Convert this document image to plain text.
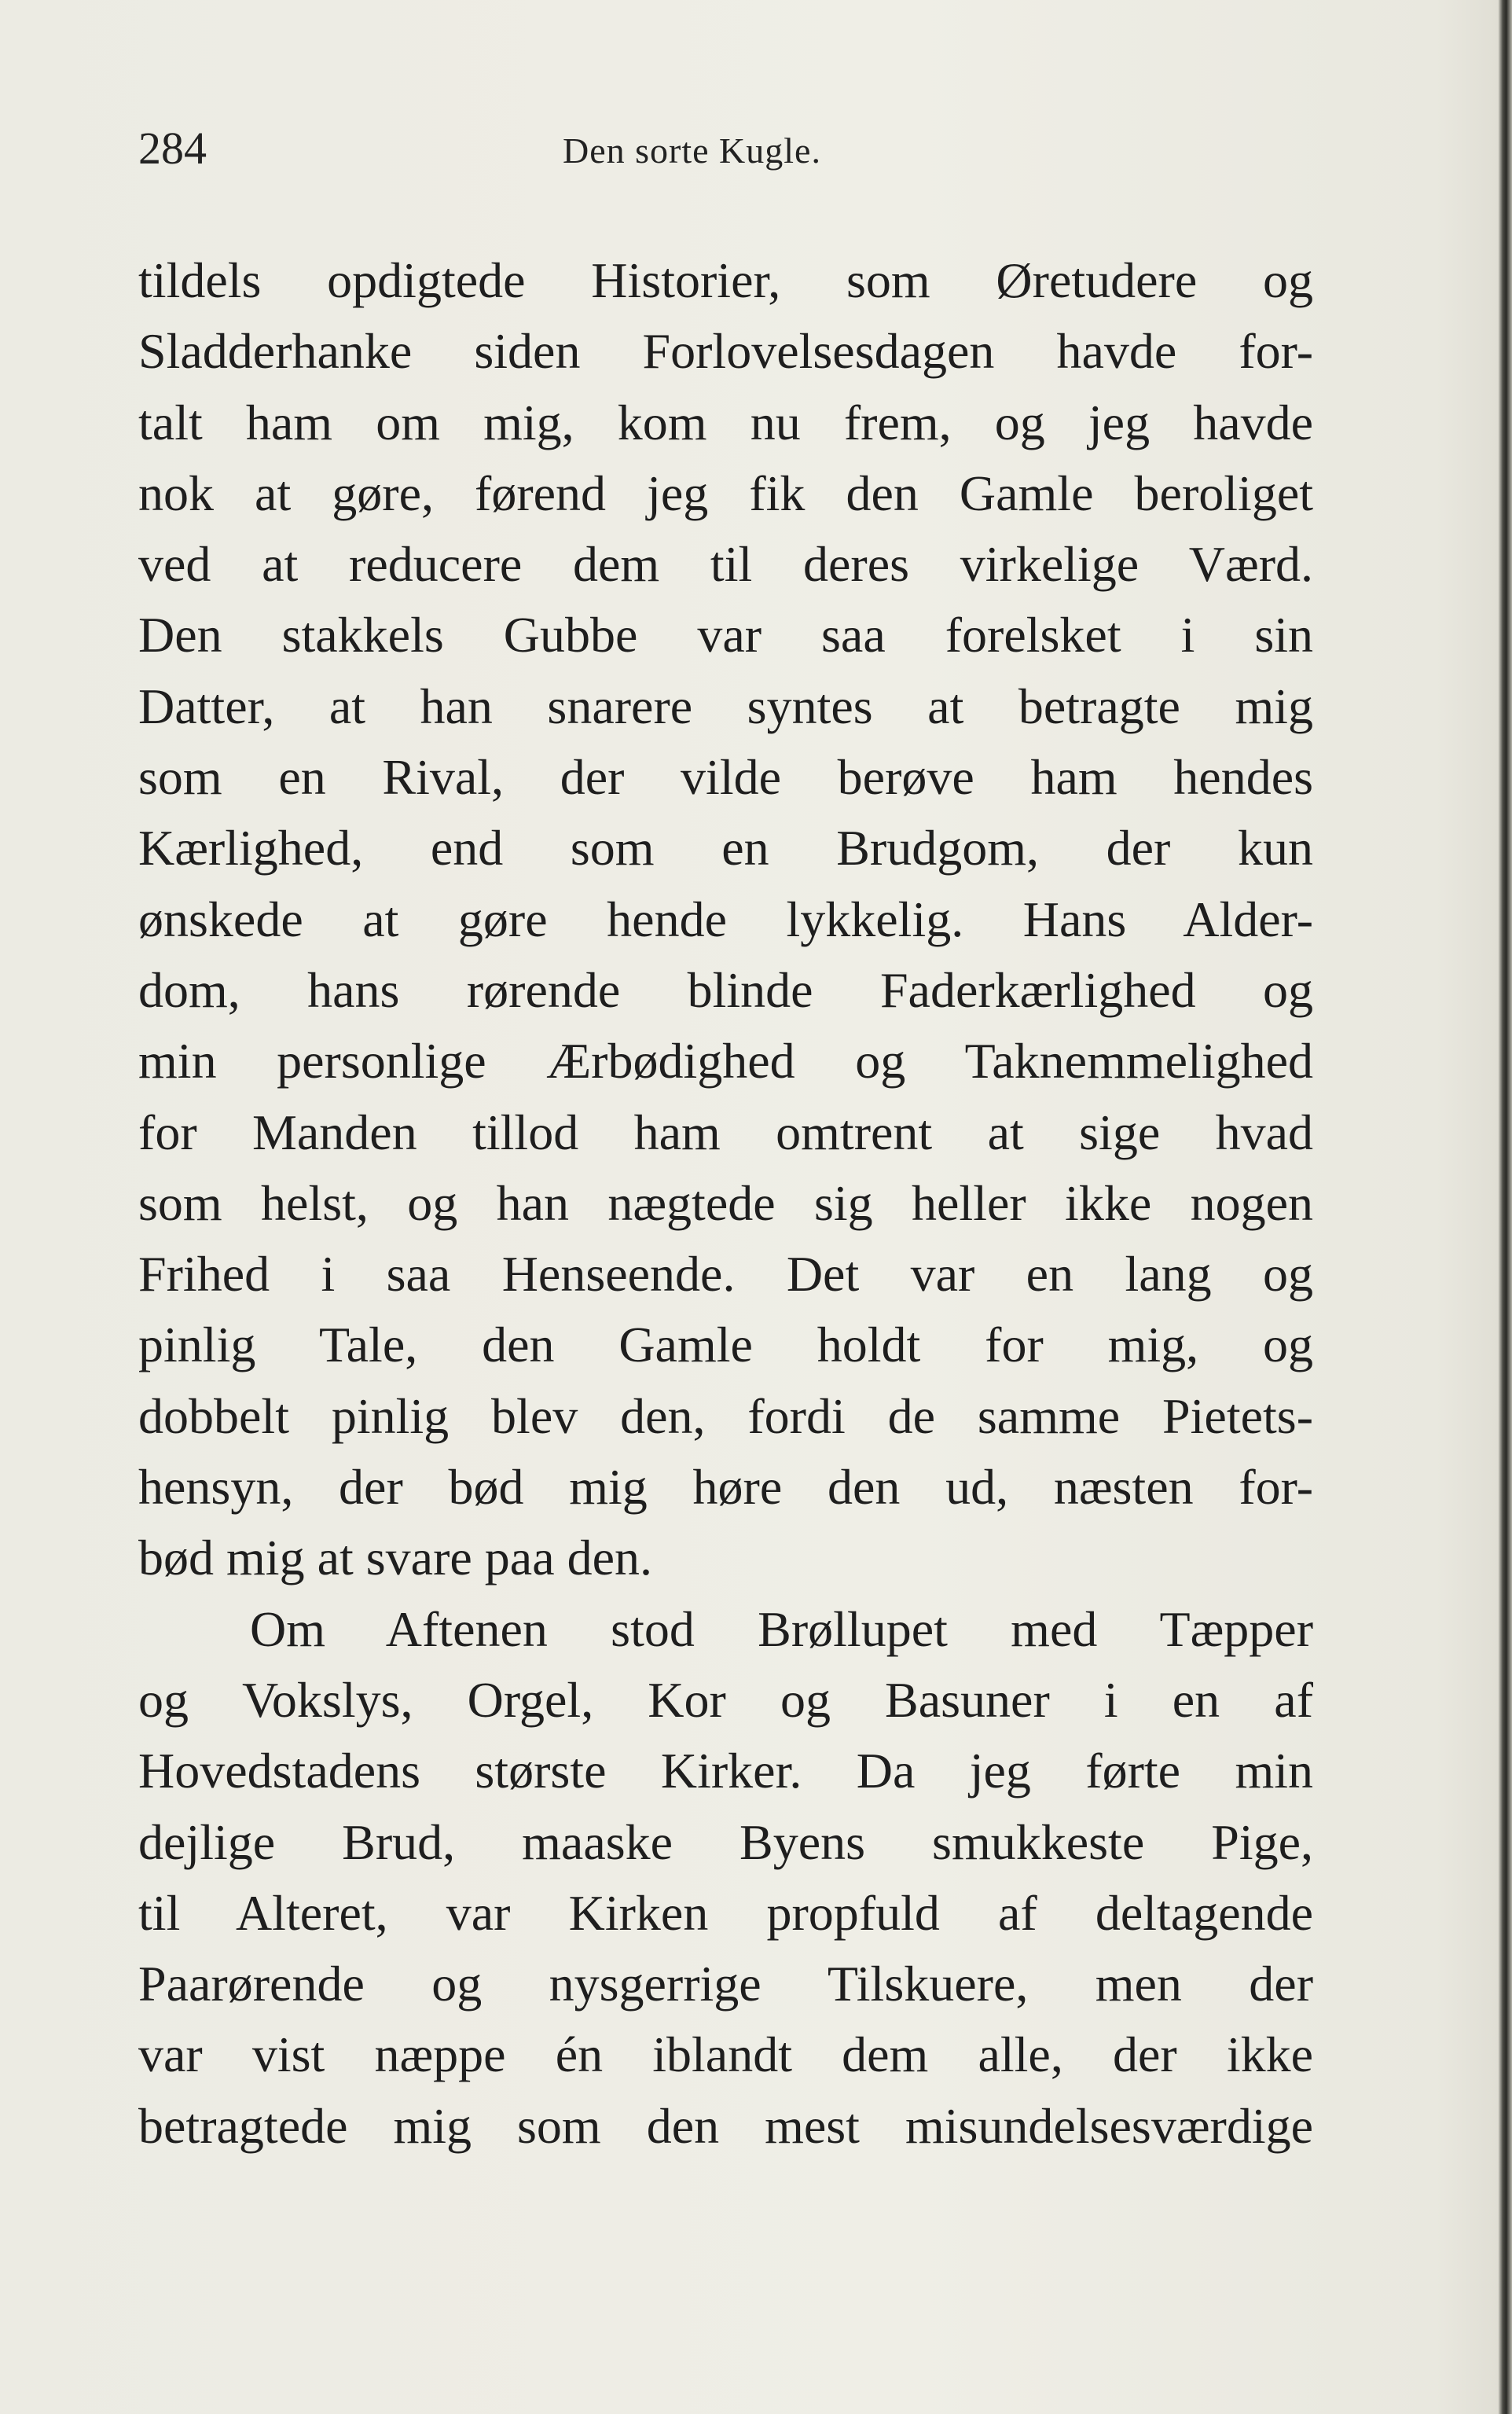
284	Den sorte Kugle.
tildels opdigtede Historier, som Øretudere og
Sladderhanke siden Forlovelsesdagen havde for-
talt ham om mig, kom nu frem, og jeg havde
nok at gøre, førend jeg fik den Gamle beroliget
ved at reducere dem til deres virkelige Værd.
Den stakkels Gubbe var saa forelsket i sin
Datter, at han snarere syntes at betragte mig
som en Rival, der vilde berøve ham hendes
Kærlighed, end som en Brudgom, der kun
ønskede at gøre hende lykkelig. Hans Alder-
dom, hans rørende blinde Faderkærlighed og
min personlige Ærbødighed og Taknemmelighed
for Manden tillod ham omtrent at sige hvad
som helst, og han nægtede sig heller ikke nogen
Frihed i saa Henseende. Det var en lang og
pinlig Tale, den Gamle holdt for mig, og
dobbelt pinlig blev den, fordi de samme Pietets-
hensyn, der bød mig høre den ud, næsten for-
bød mig at svare paa den.
Om Aftenen stod Brøllupet med Tæpper
og Vokslys, Orgel, Kor og Basuner i en af
Hovedstadens største Kirker. Da jeg førte min
dejlige Brud, maaske Byens smukkeste Pige,
til Alteret, var Kirken propfuld af deltagende
Paarørende og nysgerrige Tilskuere, men der
var vist næppe én iblandt dem alle, der ikke
betragtede mig som den mest misundelsesværdige
